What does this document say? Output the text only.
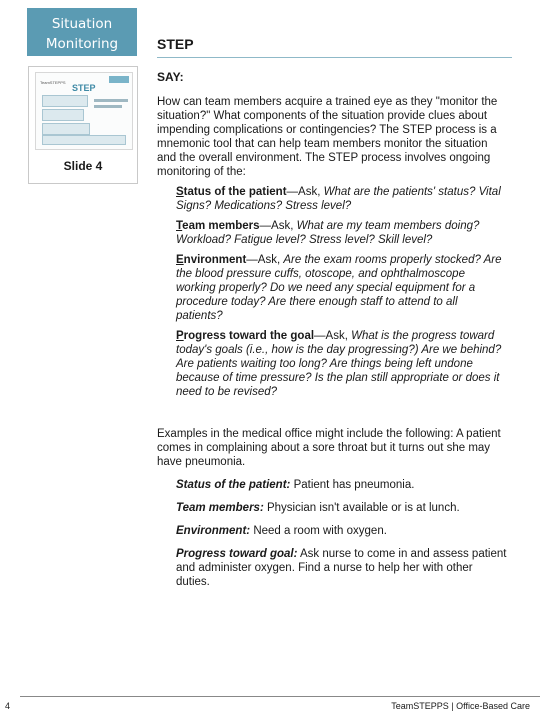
Situation
Monitoring	STEP
TeamSTEPPS
STEP
Slide 4
SAY:

How can team members acquire a trained eye as they "monitor the situation?" What components of the situation provide clues about impending complications or contingencies? The STEP process is a mnemonic tool that can help team members monitor the situation and the overall environment. The STEP process involves ongoing monitoring of the:

Status of the patient—Ask, What are the patients' status? Vital Signs? Medications? Stress level?
Team members—Ask, What are my team members doing? Workload? Fatigue level? Stress level? Skill level?
Environment—Ask, Are the exam rooms properly stocked? Are the blood pressure cuffs, otoscope, and ophthalmoscope working properly? Do we need any special equipment for a procedure today? Are there enough staff to attend to all patients?
Progress toward the goal—Ask, What is the progress toward today's goals (i.e., how is the day progressing?) Are we behind? Are patients waiting too long? Are things being left undone because of time pressure? Is the plan still appropriate or does it need to be revised?

Examples in the medical office might include the following: A patient comes in complaining about a sore throat but it turns out she may have pneumonia.

Status of the patient: Patient has pneumonia.
Team members: Physician isn't available or is at lunch.
Environment: Need a room with oxygen.
Progress toward goal: Ask nurse to come in and assess patient and administer oxygen. Find a nurse to help her with other duties.
4	TeamSTEPPS | Office-Based Care
